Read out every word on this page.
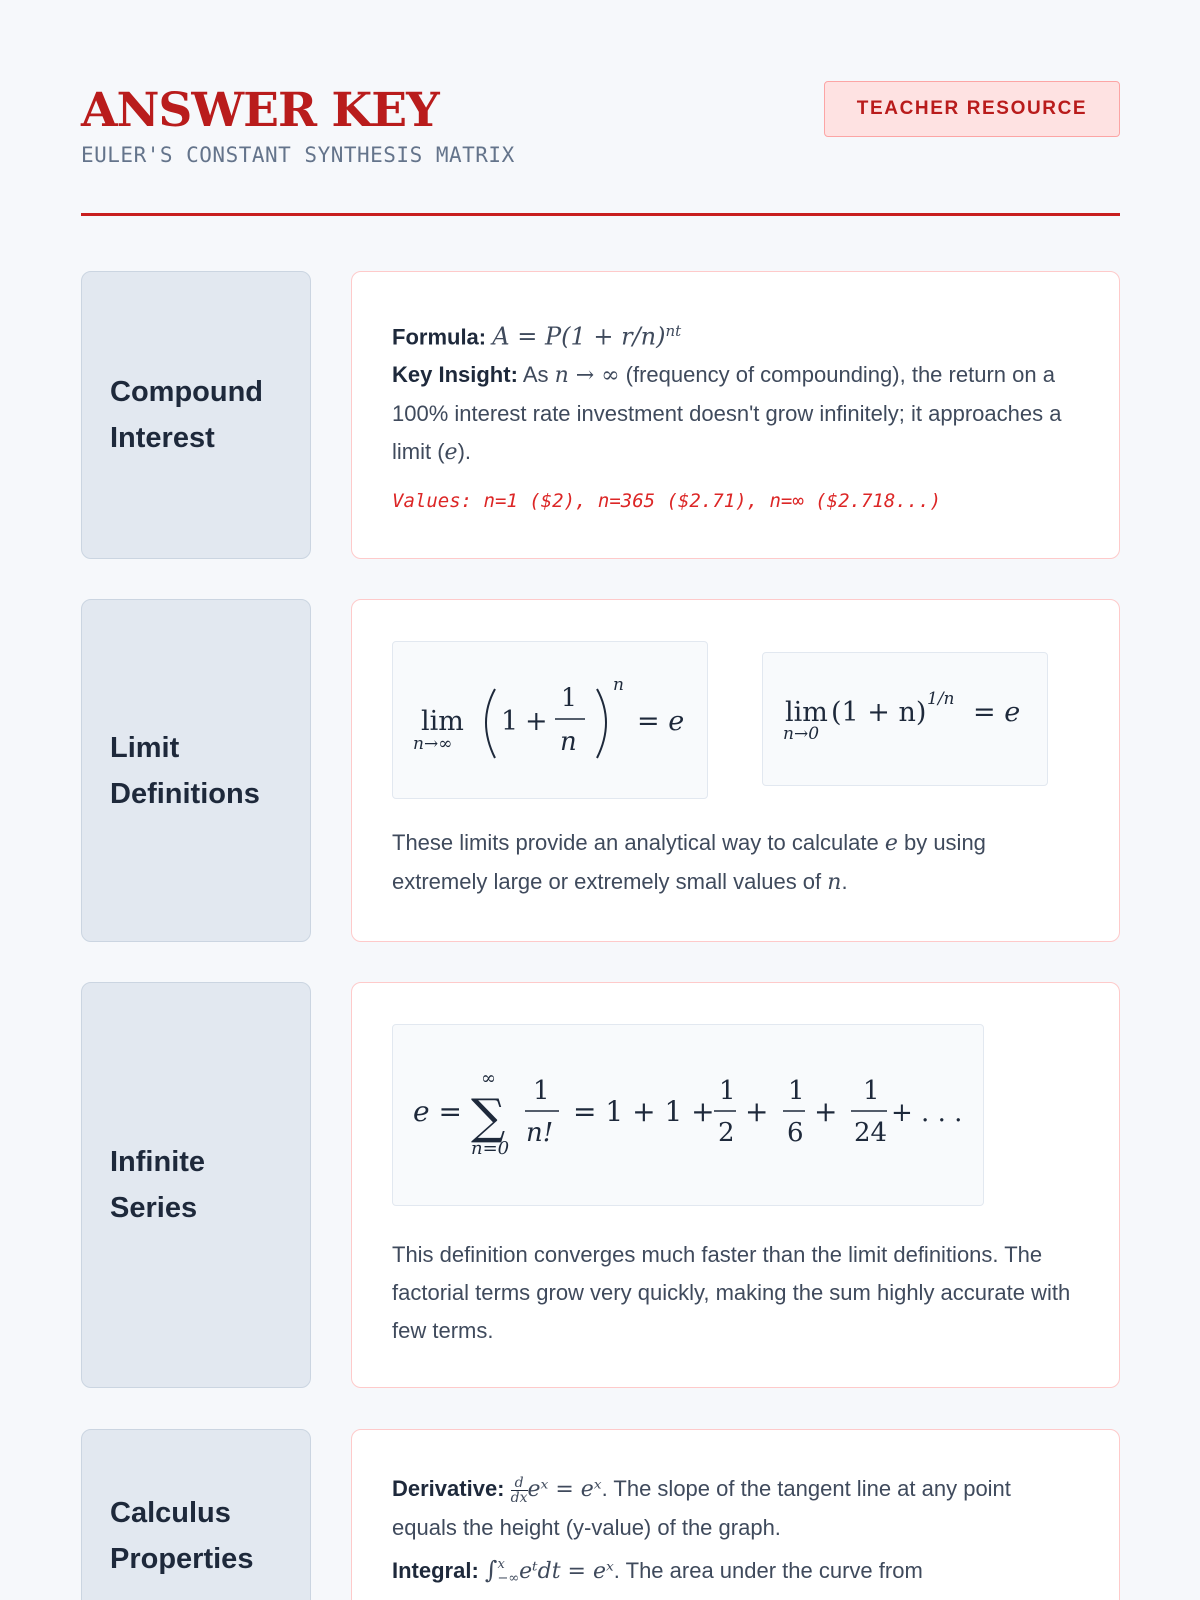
ANSWER KEY
EULER'S CONSTANT SYNTHESIS MATRIX
TEACHER RESOURCE
Compound
Interest
Formula: $A = P(1 + r/n)^{nt}$
Key Insight: As n → ∞ (frequency of compounding), the return on a 100% interest rate investment doesn't grow infinitely; it approaches a limit (e).
Values: n=1 ($2), n=365 ($2.71), n=∞ ($2.718...)
Limit
Definitions
lim
n→∞
1 +
1
n
n
= e	lim
n→0
(1 + n) 1/n = e
These limits provide an analytical way to calculate e by using extremely large or extremely small values of n.
Infinite
Series
e = ∑
∞
n=0
1
n!
= 1 + 1 +
1
2
+
1
6
+
1
24
+ . . .
This definition converges much faster than the limit definitions. The factorial terms grow very quickly, making the sum highly accurate with few terms.
Calculus
Properties
Derivative: $\frac{d}{dx}$ eˣ = eˣ. The slope of the tangent line at any point equals the height (y-value) of the graph.
Integral: ∫ x
−∞ eᵗdt = eˣ. The area under the curve from
